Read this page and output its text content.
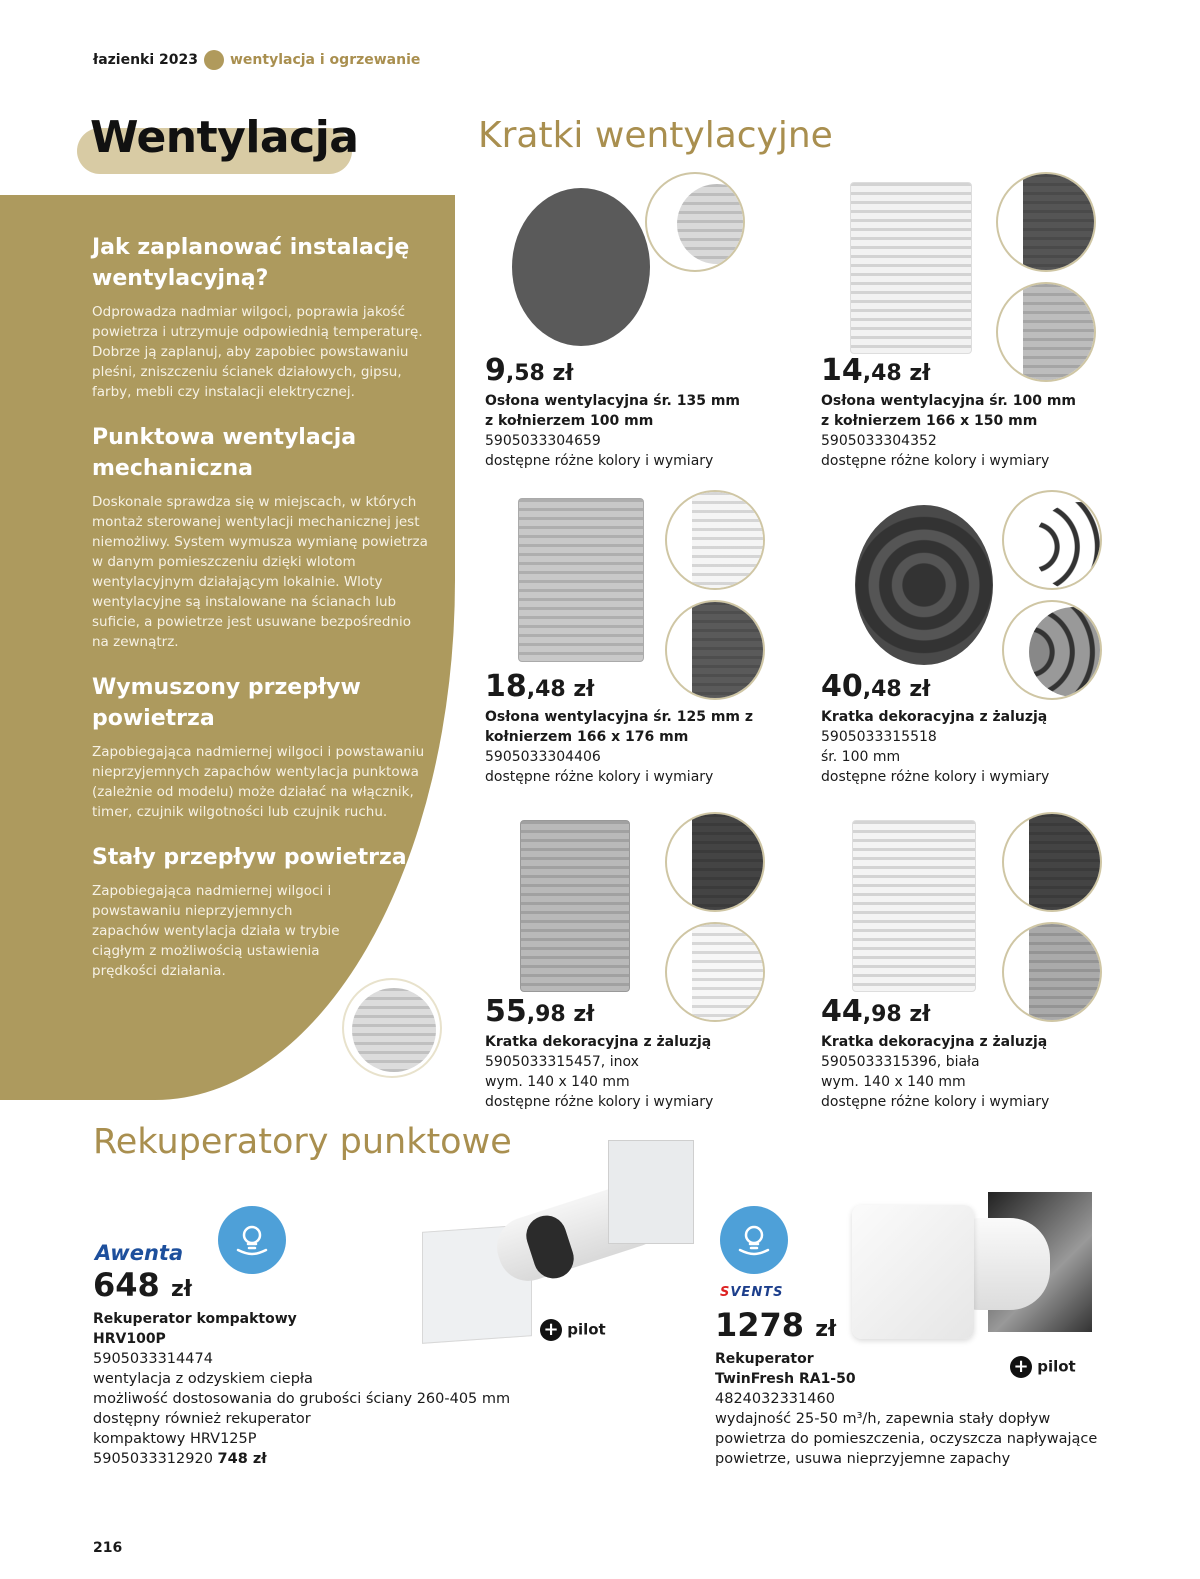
łazienki 2023 wentylacja i ogrzewanie
Wentylacja
Jak zaplanować instalację wentylacyjną?

Odprowadza nadmiar wilgoci, poprawia jakość powietrza i utrzymuje odpowiednią temperaturę. Dobrze ją zaplanuj, aby zapobiec powstawaniu pleśni, zniszczeniu ścianek działowych, gipsu, farby, mebli czy instalacji elektrycznej.

Punktowa wentylacja mechaniczna

Doskonale sprawdza się w miejscach, w których montaż sterowanej wentylacji mechanicznej jest niemożliwy. System wymusza wymianę powietrza w danym pomieszczeniu dzięki wlotom wentylacyjnym działającym lokalnie. Wloty wentylacyjne są instalowane na ścianach lub suficie, a powietrze jest usuwane bezpośrednio na zewnątrz.

Wymuszony przepływ powietrza

Zapobiegająca nadmiernej wilgoci i powstawaniu nieprzyjemnych zapachów wentylacja punktowa (zależnie od modelu) może działać na włącznik, timer, czujnik wilgotności lub czujnik ruchu.

Stały przepływ powietrza

Zapobiegająca nadmiernej wilgoci i powstawaniu nieprzyjemnych zapachów wentylacja działa w trybie ciągłym z możliwością ustawienia prędkości działania.

Kratki wentylacyjne
9,58 zł
Osłona wentylacyjna śr. 135 mm z kołnierzem 100 mm
5905033304659
dostępne różne kolory i wymiary
14,48 zł
Osłona wentylacyjna śr. 100 mm z kołnierzem 166 x 150 mm
5905033304352
dostępne różne kolory i wymiary
18,48 zł
Osłona wentylacyjna śr. 125 mm z kołnierzem 166 x 176 mm
5905033304406
dostępne różne kolory i wymiary
40,48 zł
Kratka dekoracyjna z żaluzją
5905033315518
śr. 100 mm
dostępne różne kolory i wymiary
55,98 zł
Kratka dekoracyjna z żaluzją
5905033315457, inox
wym. 140 x 140 mm
dostępne różne kolory i wymiary
44,98 zł
Kratka dekoracyjna z żaluzją
5905033315396, biała
wym. 140 x 140 mm
dostępne różne kolory i wymiary
Rekuperatory punktowe
Awenta
648 zł
Rekuperator kompaktowy
HRV100P
5905033314474
wentylacja z odzyskiem ciepła
możliwość dostosowania do grubości ściany 260-405 mm
dostępny również rekuperator
kompaktowy HRV125P
5905033312920 748 zł
+ pilot
SVENTS
1278 zł
Rekuperator
TwinFresh RA1-50
4824032331460
wydajność 25-50 m³/h, zapewnia stały dopływ
powietrza do pomieszczenia, oczyszcza napływające
powietrze, usuwa nieprzyjemne zapachy
+ pilot
216
